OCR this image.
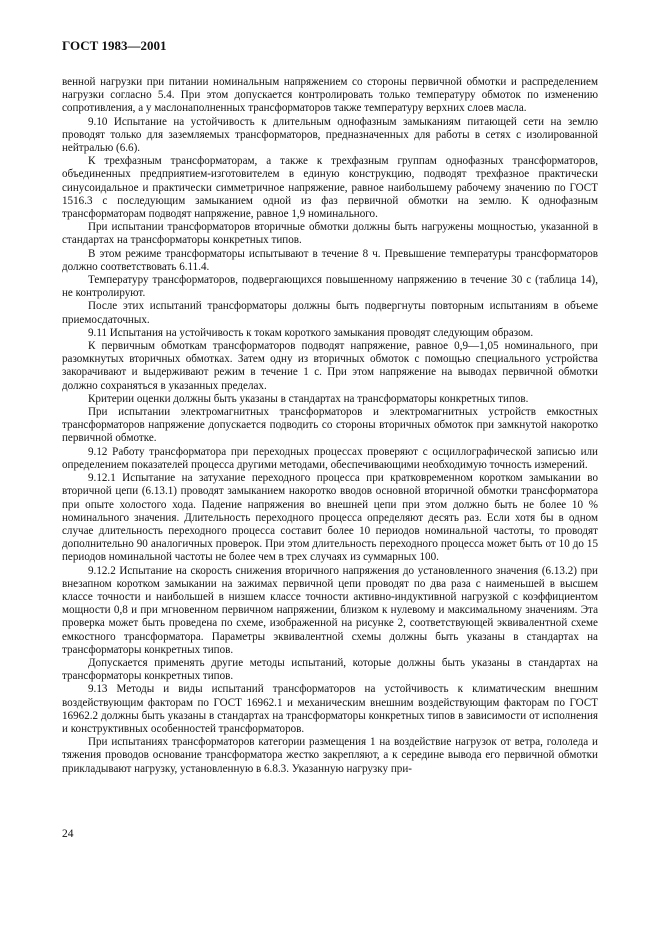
ГОСТ 1983—2001

венной нагрузки при питании номинальным напряжением со стороны первичной обмотки и распределением нагрузки согласно 5.4. При этом допускается контролировать только температуру обмоток по изменению сопротивления, а у маслонаполненных трансформаторов также температуру верхних слоев масла.

9.10 Испытание на устойчивость к длительным однофазным замыканиям питающей сети на землю проводят только для заземляемых трансформаторов, предназначенных для работы в сетях с изолированной нейтралью (6.6).

К трехфазным трансформаторам, а также к трехфазным группам однофазных трансформаторов, объединенных предприятием-изготовителем в единую конструкцию, подводят трехфазное практически синусоидальное и практически симметричное напряжение, равное наибольшему рабочему значению по ГОСТ 1516.3 с последующим замыканием одной из фаз первичной обмотки на землю. К однофазным трансформаторам подводят напряжение, равное 1,9 номинального.

При испытании трансформаторов вторичные обмотки должны быть нагружены мощностью, указанной в стандартах на трансформаторы конкретных типов.

В этом режиме трансформаторы испытывают в течение 8 ч. Превышение температуры трансформаторов должно соответствовать 6.11.4.

Температуру трансформаторов, подвергающихся повышенному напряжению в течение 30 с (таблица 14), не контролируют.

После этих испытаний трансформаторы должны быть подвергнуты повторным испытаниям в объеме приемосдаточных.

9.11 Испытания на устойчивость к токам короткого замыкания проводят следующим образом.

К первичным обмоткам трансформаторов подводят напряжение, равное 0,9—1,05 номинального, при разомкнутых вторичных обмотках. Затем одну из вторичных обмоток с помощью специального устройства закорачивают и выдерживают режим в течение 1 с. При этом напряжение на выводах первичной обмотки должно сохраняться в указанных пределах.

Критерии оценки должны быть указаны в стандартах на трансформаторы конкретных типов.

При испытании электромагнитных трансформаторов и электромагнитных устройств емкостных трансформаторов напряжение допускается подводить со стороны вторичных обмоток при замкнутой накоротко первичной обмотке.

9.12 Работу трансформатора при переходных процессах проверяют с осциллографической записью или определением показателей процесса другими методами, обеспечивающими необходимую точность измерений.

9.12.1 Испытание на затухание переходного процесса при кратковременном коротком замыкании во вторичной цепи (6.13.1) проводят замыканием накоротко вводов основной вторичной обмотки трансформатора при опыте холостого хода. Падение напряжения во внешней цепи при этом должно быть не более 10 % номинального значения. Длительность переходного процесса определяют десять раз. Если хотя бы в одном случае длительность переходного процесса составит более 10 периодов номинальной частоты, то проводят дополнительно 90 аналогичных проверок. При этом длительность переходного процесса может быть от 10 до 15 периодов номинальной частоты не более чем в трех случаях из суммарных 100.

9.12.2 Испытание на скорость снижения вторичного напряжения до установленного значения (6.13.2) при внезапном коротком замыкании на зажимах первичной цепи проводят по два раза с наименьшей в высшем классе точности и наибольшей в низшем классе точности активно-индуктивной нагрузкой с коэффициентом мощности 0,8 и при мгновенном первичном напряжении, близком к нулевому и максимальному значениям. Эта проверка может быть проведена по схеме, изображенной на рисунке 2, соответствующей эквивалентной схеме емкостного трансформатора. Параметры эквивалентной схемы должны быть указаны в стандартах на трансформаторы конкретных типов.

Допускается применять другие методы испытаний, которые должны быть указаны в стандартах на трансформаторы конкретных типов.

9.13 Методы и виды испытаний трансформаторов на устойчивость к климатическим внешним воздействующим факторам по ГОСТ 16962.1 и механическим внешним воздействующим факторам по ГОСТ 16962.2 должны быть указаны в стандартах на трансформаторы конкретных типов в зависимости от исполнения и конструктивных особенностей трансформаторов.

При испытаниях трансформаторов категории размещения 1 на воздействие нагрузок от ветра, гололеда и тяжения проводов основание трансформатора жестко закрепляют, а к середине вывода его первичной обмотки прикладывают нагрузку, установленную в 6.8.3. Указанную нагрузку при-

24
